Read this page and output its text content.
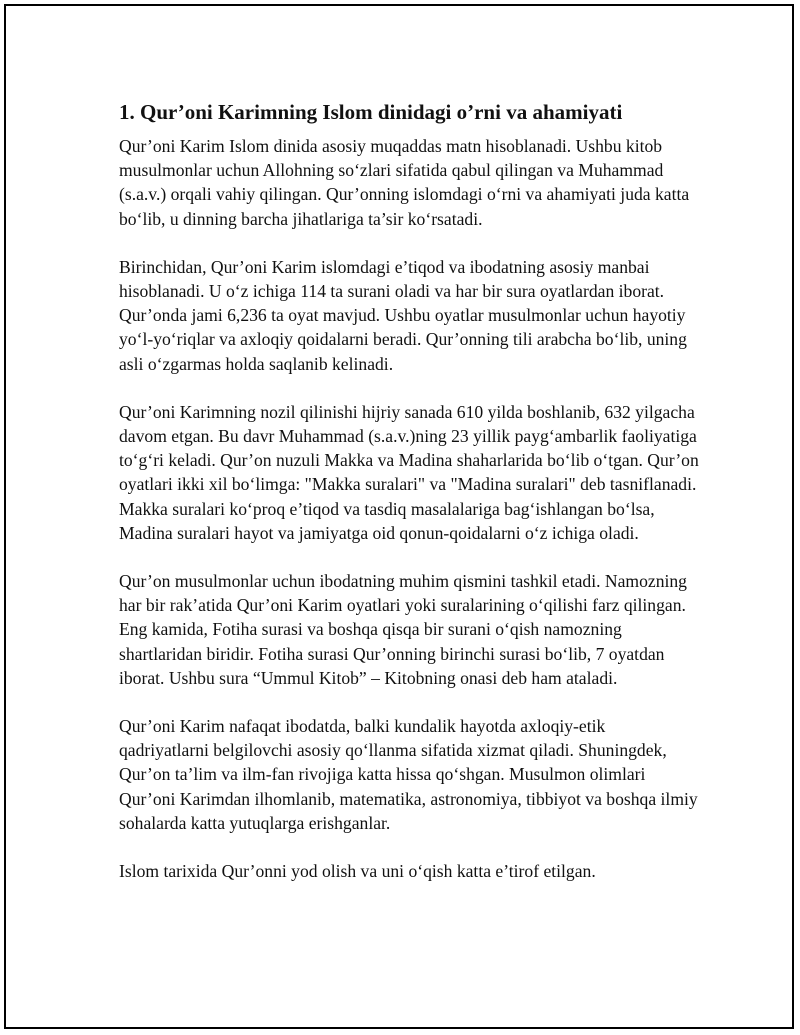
1. Qur’oni Karimning Islom dinidagi o’rni va ahamiyati

Qur’oni Karim Islom dinida asosiy muqaddas matn hisoblanadi. Ushbu kitob musulmonlar uchun Allohning so‘zlari sifatida qabul qilingan va Muhammad (s.a.v.) orqali vahiy qilingan. Qur’onning islomdagi o‘rni va ahamiyati juda katta bo‘lib, u dinning barcha jihatlariga ta’sir ko‘rsatadi.

Birinchidan, Qur’oni Karim islomdagi e’tiqod va ibodatning asosiy manbai hisoblanadi. U o‘z ichiga 114 ta surani oladi va har bir sura oyatlardan iborat. Qur’onda jami 6,236 ta oyat mavjud. Ushbu oyatlar musulmonlar uchun hayotiy yo‘l-yo‘riqlar va axloqiy qoidalarni beradi. Qur’onning tili arabcha bo‘lib, uning asli o‘zgarmas holda saqlanib kelinadi.

Qur’oni Karimning nozil qilinishi hijriy sanada 610 yilda boshlanib, 632 yilgacha davom etgan. Bu davr Muhammad (s.a.v.)ning 23 yillik payg‘ambarlik faoliyatiga to‘g‘ri keladi. Qur’on nuzuli Makka va Madina shaharlarida bo‘lib o‘tgan. Qur’on oyatlari ikki xil bo‘limga: "Makka suralari" va "Madina suralari" deb tasniflanadi. Makka suralari ko‘proq e’tiqod va tasdiq masalalariga bag‘ishlangan bo‘lsa, Madina suralari hayot va jamiyatga oid qonun-qoidalarni o‘z ichiga oladi.

Qur’on musulmonlar uchun ibodatning muhim qismini tashkil etadi. Namozning har bir rak’atida Qur’oni Karim oyatlari yoki suralarining o‘qilishi farz qilingan. Eng kamida, Fotiha surasi va boshqa qisqa bir surani o‘qish namozning shartlaridan biridir. Fotiha surasi Qur’onning birinchi surasi bo‘lib, 7 oyatdan iborat. Ushbu sura “Ummul Kitob” – Kitobning onasi deb ham ataladi.

Qur’oni Karim nafaqat ibodatda, balki kundalik hayotda axloqiy-etik qadriyatlarni belgilovchi asosiy qo‘llanma sifatida xizmat qiladi. Shuningdek, Qur’on ta’lim va ilm-fan rivojiga katta hissa qo‘shgan. Musulmon olimlari Qur’oni Karimdan ilhomlanib, matematika, astronomiya, tibbiyot va boshqa ilmiy sohalarda katta yutuqlarga erishganlar.

Islom tarixida Qur’onni yod olish va uni o‘qish katta e’tirof etilgan.
